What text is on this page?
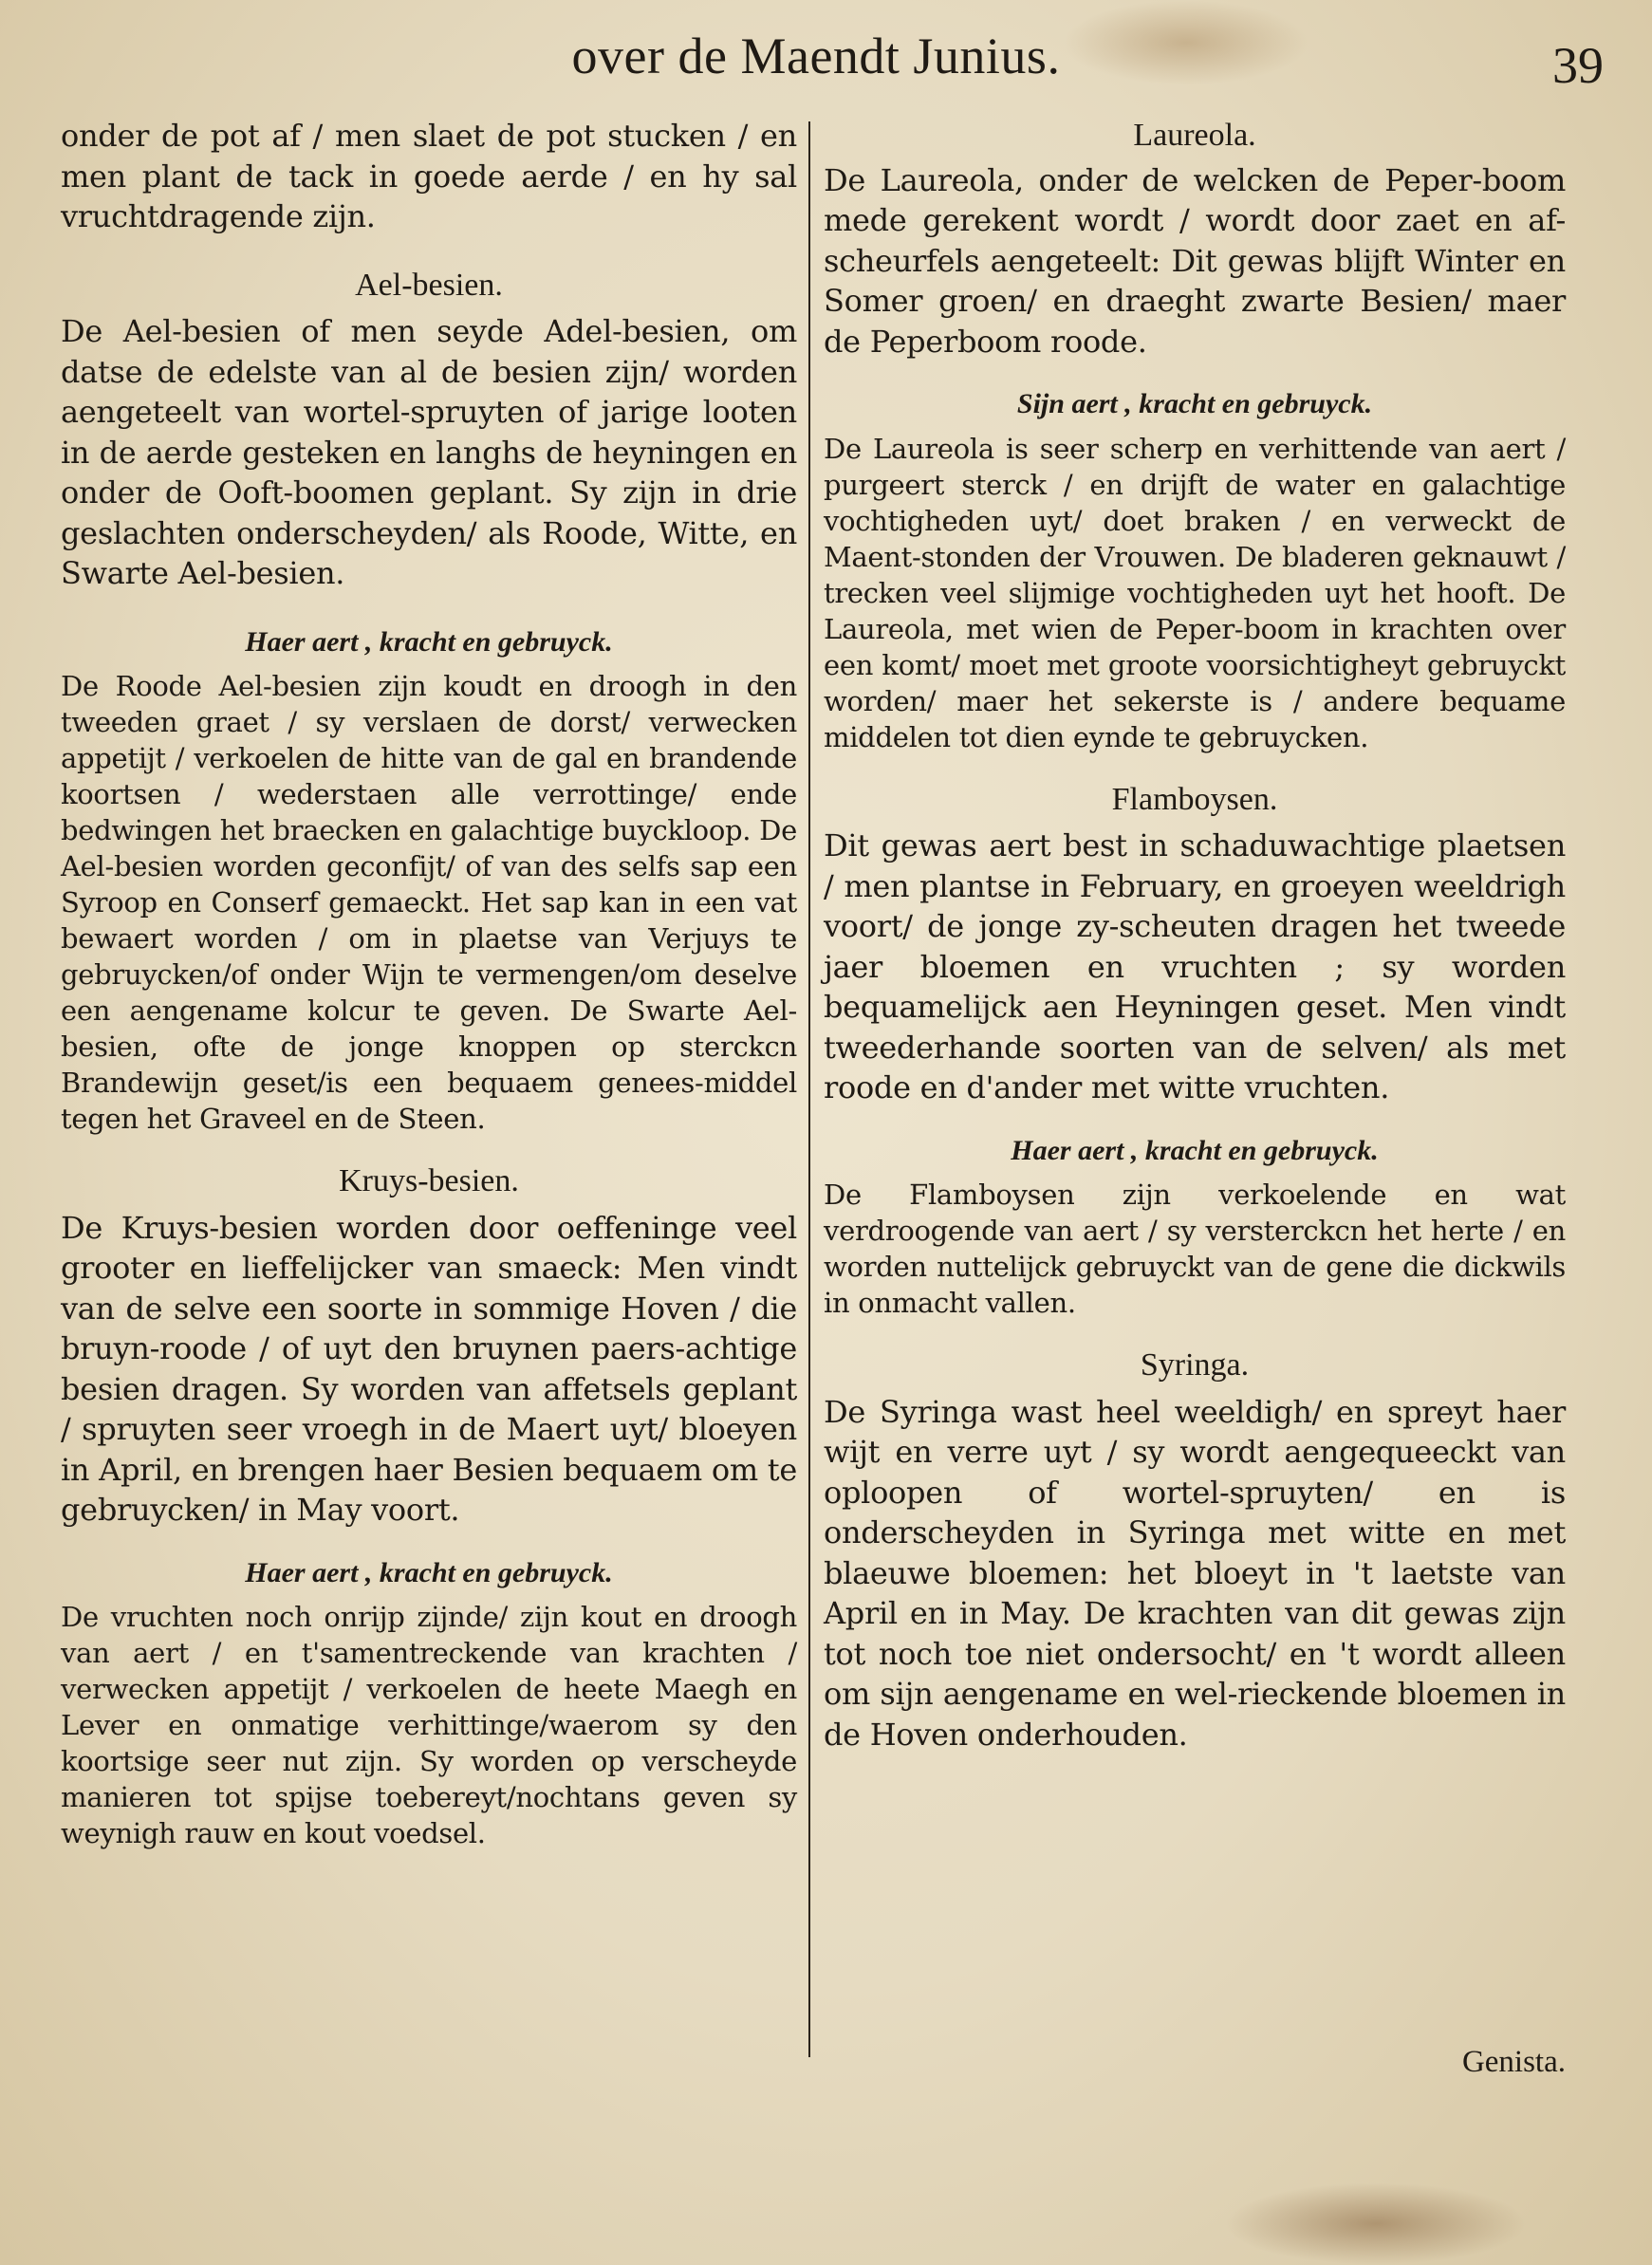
over de Maendt Junius.	39

onder de pot af / men slaet de pot stucken / en men plant de tack in goede aerde / en hy sal vruchtdragende zijn.

Ael-besien.

De Ael-besien of men seyde Adel-besien, om datse de edelste van al de besien zijn/ worden aengeteelt van wortel-spruyten of jarige looten in de aerde gesteken en langhs de heyningen en onder de Ooft-boomen geplant. Sy zijn in drie geslachten onderscheyden/ als Roode, Witte, en Swarte Ael-besien.

Haer aert , kracht en gebruyck.

De Roode Ael-besien zijn koudt en droogh in den tweeden graet / sy verslaen de dorst/ verwecken appetijt / verkoelen de hitte van de gal en brandende koortsen / wederstaen alle verrottinge/ ende bedwingen het braecken en galachtige buyckloop. De Ael-besien worden geconfijt/ of van des selfs sap een Syroop en Conserf gemaeckt. Het sap kan in een vat bewaert worden / om in plaetse van Verjuys te gebruycken/of onder Wijn te vermengen/om deselve een aengename kolcur te geven. De Swarte Ael-besien, ofte de jonge knoppen op sterckcn Brandewijn geset/is een bequaem genees-middel tegen het Graveel en de Steen.

Kruys-besien.

De Kruys-besien worden door oeffeninge veel grooter en lieffelijcker van smaeck: Men vindt van de selve een soorte in sommige Hoven / die bruyn-roode / of uyt den bruynen paers-achtige besien dragen. Sy worden van affetsels geplant / spruyten seer vroegh in de Maert uyt/ bloeyen in April, en brengen haer Besien bequaem om te gebruycken/ in May voort.

Haer aert , kracht en gebruyck.

De vruchten noch onrijp zijnde/ zijn kout en droogh van aert / en t'samentreckende van krachten / verwecken appetijt / verkoelen de heete Maegh en Lever en onmatige verhittinge/waerom sy den koortsige seer nut zijn. Sy worden op verscheyde manieren tot spijse toebereyt/nochtans geven sy weynigh rauw en kout voedsel.

Laureola.

De Laureola, onder de welcken de Peper-boom mede gerekent wordt / wordt door zaet en af-scheurfels aengeteelt: Dit gewas blijft Winter en Somer groen/ en draeght zwarte Besien/ maer de Peperboom roode.

Sijn aert , kracht en gebruyck.

De Laureola is seer scherp en verhittende van aert / purgeert sterck / en drijft de water en galachtige vochtigheden uyt/ doet braken / en verweckt de Maent-stonden der Vrouwen. De bladeren geknauwt / trecken veel slijmige vochtigheden uyt het hooft. De Laureola, met wien de Peper-boom in krachten over een komt/ moet met groote voorsichtigheyt gebruyckt worden/ maer het sekerste is / andere bequame middelen tot dien eynde te gebruycken.

Flamboysen.

Dit gewas aert best in schaduwachtige plaetsen / men plantse in February, en groeyen weeldrigh voort/ de jonge zy-scheuten dragen het tweede jaer bloemen en vruchten ; sy worden bequamelijck aen Heyningen geset. Men vindt tweederhande soorten van de selven/ als met roode en d'ander met witte vruchten.

Haer aert , kracht en gebruyck.

De Flamboysen zijn verkoelende en wat verdroogende van aert / sy versterckcn het herte / en worden nuttelijck gebruyckt van de gene die dickwils in onmacht vallen.

Syringa.

De Syringa wast heel weeldigh/ en spreyt haer wijt en verre uyt / sy wordt aengequeeckt van oploopen of wortel-spruyten/ en is onderscheyden in Syringa met witte en met blaeuwe bloemen: het bloeyt in 't laetste van April en in May. De krachten van dit gewas zijn tot noch toe niet ondersocht/ en 't wordt alleen om sijn aengename en wel-rieckende bloemen in de Hoven onderhouden.

Genista.
